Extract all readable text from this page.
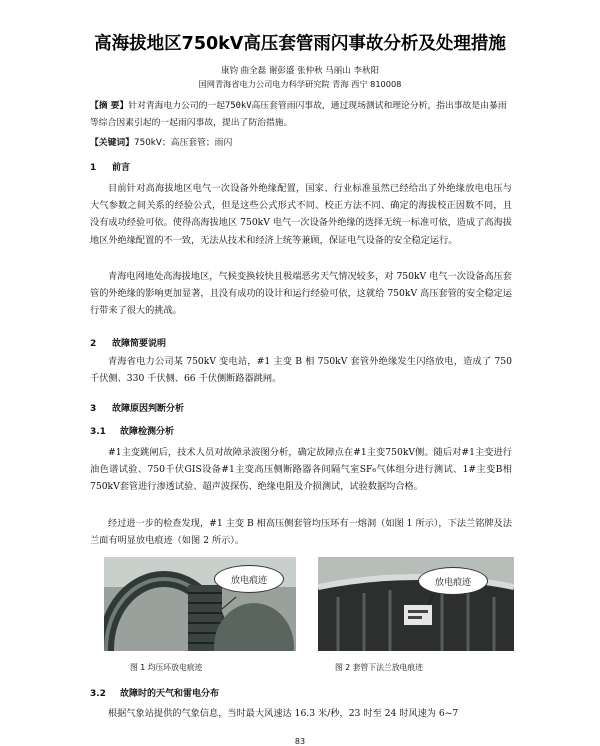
高海拔地区750kV高压套管雨闪事故分析及处理措施
康钧 曲全磊 谢彭盛 张仲秋 马丽山 李秋阳
国网青海省电力公司电力科学研究院 青海 西宁 810008
【摘 要】针对青海电力公司的一起750kV高压套管雨闪事故，通过现场测试和理论分析，指出事故是由暴雨等综合因素引起的一起雨闪事故，提出了防治措施。
【关键词】750kV；高压套管；雨闪
1 前言
目前针对高海拔地区电气一次设备外绝缘配置，国家、行业标准虽然已经给出了外绝缘放电电压与大气参数之间关系的经验公式，但是这些公式形式不同、校正方法不同、确定的海拔校正因数不同，且没有成功经验可依。使得高海拔地区 750kV 电气一次设备外绝缘的选择无统一标准可依，造成了高海拔地区外绝缘配置的不一致，无法从技术和经济上统等兼顾，保证电气设备的安全稳定运行。
青海电网地处高海拔地区，气候变换较快且极端恶劣天气情况较多，对 750kV 电气一次设备高压套管的外绝缘的影响更加显著，且没有成功的设计和运行经验可依，这就给 750kV 高压套管的安全稳定运行带来了很大的挑战。
2 故障简要说明
青海省电力公司某 750kV 变电站，#1 主变 B 相 750kV 套管外绝缘发生闪络放电，造成了 750 千伏侧、330 千伏侧、66 千伏侧断路器跳闸。
3 故障原因判断分析
3.1 故障检测分析
#1主变跳闸后，技术人员对故障录波图分析，确定故障点在#1主变750kV侧。随后对#1主变进行油色谱试验、750千伏GIS设备#1主变高压侧断路器各间隔气室SF₆气体组分进行测试、1#主变B相750kV套管进行渗透试验、超声波探伤、绝缘电阻及介损测试，试验数据均合格。
经过进一步的检查发现，#1 主变 B 相高压侧套管均压环有一熔洞（如图 1 所示），下法兰铭牌及法兰面有明显放电痕迹（如图 2 所示）。
放电痕迹	放电痕迹
图 1 均压环放电痕迹	图 2 套管下法兰放电痕迹
3.2 故障时的天气和雷电分布
根据气象站提供的气象信息，当时最大风速达 16.3 米/秒，23 时至 24 时风速为 6~7
83
